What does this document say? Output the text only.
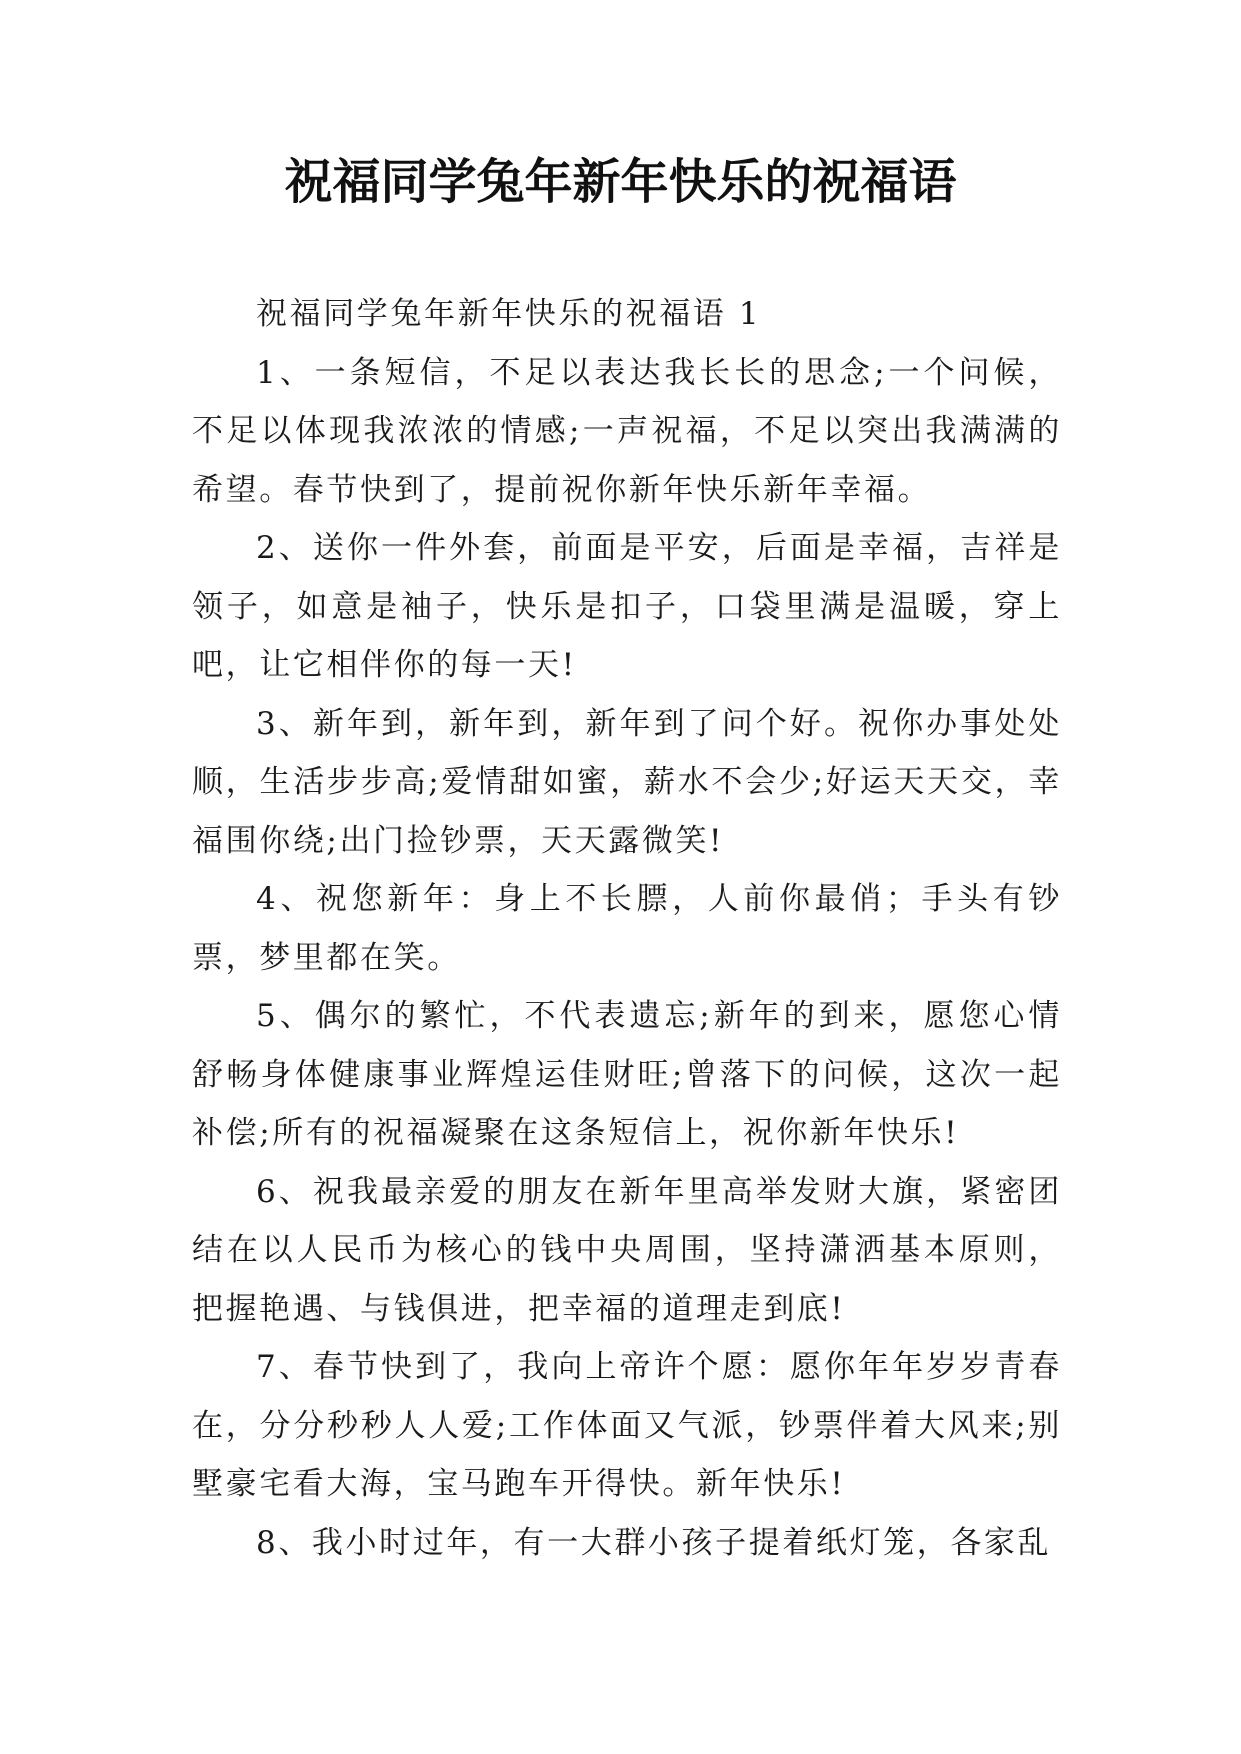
祝福同学兔年新年快乐的祝福语

祝福同学兔年新年快乐的祝福语 1

1、一条短信，不足以表达我长长的思念;一个问候，不足以体现我浓浓的情感;一声祝福，不足以突出我满满的希望。春节快到了，提前祝你新年快乐新年幸福。

2、送你一件外套，前面是平安，后面是幸福，吉祥是领子，如意是袖子，快乐是扣子，口袋里满是温暖，穿上吧，让它相伴你的每一天!

3、新年到，新年到，新年到了问个好。祝你办事处处顺，生活步步高;爱情甜如蜜，薪水不会少;好运天天交，幸福围你绕;出门捡钞票，天天露微笑!

4、祝您新年：身上不长膘，人前你最俏；手头有钞票，梦里都在笑。

5、偶尔的繁忙，不代表遗忘;新年的到来，愿您心情舒畅身体健康事业辉煌运佳财旺;曾落下的问候，这次一起补偿;所有的祝福凝聚在这条短信上，祝你新年快乐!

6、祝我最亲爱的朋友在新年里高举发财大旗，紧密团结在以人民币为核心的钱中央周围，坚持潇洒基本原则，把握艳遇、与钱俱进，把幸福的道理走到底!

7、春节快到了，我向上帝许个愿：愿你年年岁岁青春在，分分秒秒人人爱;工作体面又气派，钞票伴着大风来;别墅豪宅看大海，宝马跑车开得快。新年快乐!

8、我小时过年，有一大群小孩子提着纸灯笼，各家乱
